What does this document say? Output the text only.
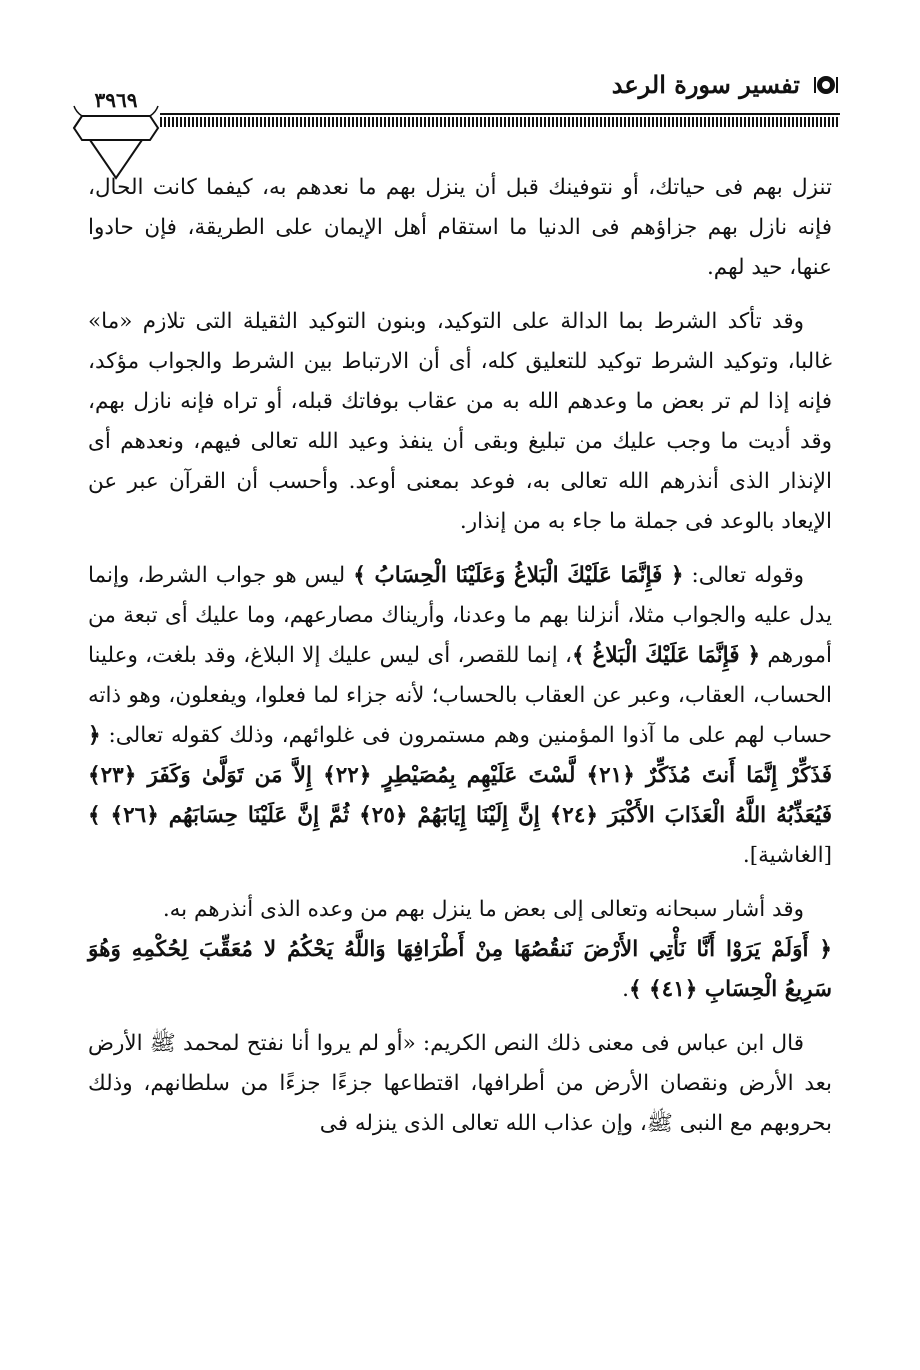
تفسير سورة الرعد
٣٩٦٩

تنزل بهم فى حياتك، أو نتوفينك قبل أن ينزل بهم ما نعدهم به، كيفما كانت الحال، فإنه نازل بهم جزاؤهم فى الدنيا ما استقام أهل الإيمان على الطريقة، فإن حادوا عنها، حيد لهم.

وقد تأكد الشرط بما الدالة على التوكيد، وبنون التوكيد الثقيلة التى تلازم «ما» غالبا، وتوكيد الشرط توكيد للتعليق كله، أى أن الارتباط بين الشرط والجواب مؤكد، فإنه إذا لم تر بعض ما وعدهم الله به من عقاب بوفاتك قبله، أو تراه فإنه نازل بهم، وقد أديت ما وجب عليك من تبليغ وبقى أن ينفذ وعيد الله تعالى فيهم، ونعدهم أى الإنذار الذى أنذرهم الله تعالى به، فوعد بمعنى أوعد. وأحسب أن القرآن عبر عن الإيعاد بالوعد فى جملة ما جاء به من إنذار.

وقوله تعالى: ﴿ فَإِنَّمَا عَلَيْكَ الْبَلاغُ وَعَلَيْنَا الْحِسَابُ ﴾ ليس هو جواب الشرط، وإنما يدل عليه والجواب مثلا، أنزلنا بهم ما وعدنا، وأريناك مصارعهم، وما عليك أى تبعة من أمورهم ﴿ فَإِنَّمَا عَلَيْكَ الْبَلاغُ ﴾، إنما للقصر، أى ليس عليك إلا البلاغ، وقد بلغت، وعلينا الحساب، العقاب، وعبر عن العقاب بالحساب؛ لأنه جزاء لما فعلوا، ويفعلون، وهو ذاته حساب لهم على ما آذوا المؤمنين وهم مستمرون فى غلوائهم، وذلك كقوله تعالى: ﴿ فَذَكِّرْ إِنَّمَا أَنتَ مُذَكِّرٌ ﴿٢١﴾ لَّسْتَ عَلَيْهِم بِمُصَيْطِرٍ ﴿٢٢﴾ إِلاَّ مَن تَوَلَّىٰ وَكَفَرَ ﴿٢٣﴾ فَيُعَذِّبُهُ اللَّهُ الْعَذَابَ الأَكْبَرَ ﴿٢٤﴾ إِنَّ إِلَيْنَا إِيَابَهُمْ ﴿٢٥﴾ ثُمَّ إِنَّ عَلَيْنَا حِسَابَهُم ﴿٢٦﴾ ﴾ [الغاشية].

وقد أشار سبحانه وتعالى إلى بعض ما ينزل بهم من وعده الذى أنذرهم به.

﴿ أَوَلَمْ يَرَوْا أَنَّا نَأْتِي الأَرْضَ نَنقُصُهَا مِنْ أَطْرَافِهَا وَاللَّهُ يَحْكُمُ لا مُعَقِّبَ لِحُكْمِهِ وَهُوَ سَرِيعُ الْحِسَابِ ﴿٤١﴾ ﴾.

قال ابن عباس فى معنى ذلك النص الكريم: «أو لم يروا أنا نفتح لمحمد ﷺ الأرض بعد الأرض ونقصان الأرض من أطرافها، اقتطاعها جزءًا جزءًا من سلطانهم، وذلك بحروبهم مع النبى ﷺ، وإن عذاب الله تعالى الذى ينزله فى
